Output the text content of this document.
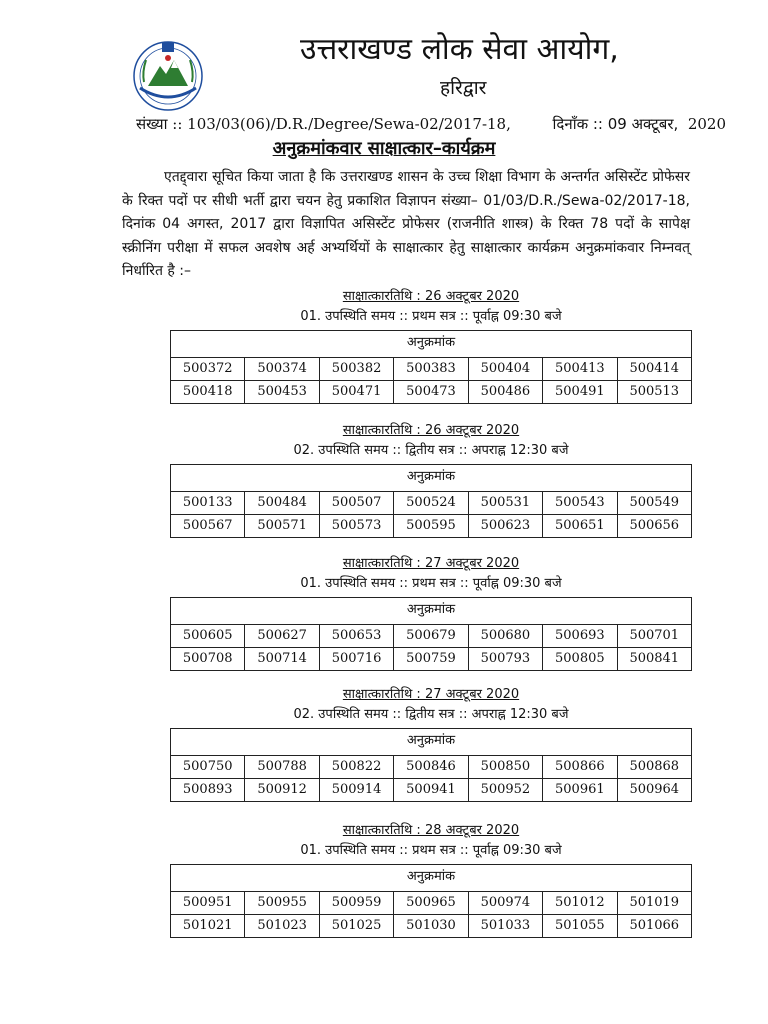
उत्तराखण्ड लोक सेवा आयोग,
हरिद्वार
संख्या :: 103/03(06)/D.R./Degree/Sewa-02/2017-18,	दिनाँक :: 09 अक्टूबर, 2020
अनुक्रमांकवार साक्षात्कार–कार्यक्रम

एतद्द्वारा सूचित किया जाता है कि उत्तराखण्ड शासन के उच्च शिक्षा विभाग के अन्तर्गत असिस्टेंट प्रोफेसर के रिक्त पदों पर सीधी भर्ती द्वारा चयन हेतु प्रकाशित विज्ञापन संख्या– 01/03/D.R./Sewa-02/2017-18, दिनांक 04 अगस्त, 2017 द्वारा विज्ञापित असिस्टेंट प्रोफेसर (राजनीति शास्त्र) के रिक्त 78 पदों के सापेक्ष स्क्रीनिंग परीक्षा में सफल अवशेष अर्ह अभ्यर्थियों के साक्षात्कार हेतु साक्षात्कार कार्यक्रम अनुक्रमांकवार निम्नवत् निर्धारित है :–

साक्षात्कारतिथि : 26 अक्टूबर 2020

01. उपस्थिति समय :: प्रथम सत्र :: पूर्वाह्न 09:30 बजे

अनुक्रमांक						
500372	500374	500382	500383	500404	500413	500414
500418	500453	500471	500473	500486	500491	500513

साक्षात्कारतिथि : 26 अक्टूबर 2020

02. उपस्थिति समय :: द्वितीय सत्र :: अपराह्न 12:30 बजे

अनुक्रमांक						
500133	500484	500507	500524	500531	500543	500549
500567	500571	500573	500595	500623	500651	500656

साक्षात्कारतिथि : 27 अक्टूबर 2020

01. उपस्थिति समय :: प्रथम सत्र :: पूर्वाह्न 09:30 बजे

अनुक्रमांक						
500605	500627	500653	500679	500680	500693	500701
500708	500714	500716	500759	500793	500805	500841

साक्षात्कारतिथि : 27 अक्टूबर 2020

02. उपस्थिति समय :: द्वितीय सत्र :: अपराह्न 12:30 बजे

अनुक्रमांक						
500750	500788	500822	500846	500850	500866	500868
500893	500912	500914	500941	500952	500961	500964

साक्षात्कारतिथि : 28 अक्टूबर 2020

01. उपस्थिति समय :: प्रथम सत्र :: पूर्वाह्न 09:30 बजे

अनुक्रमांक						
500951	500955	500959	500965	500974	501012	501019
501021	501023	501025	501030	501033	501055	501066
